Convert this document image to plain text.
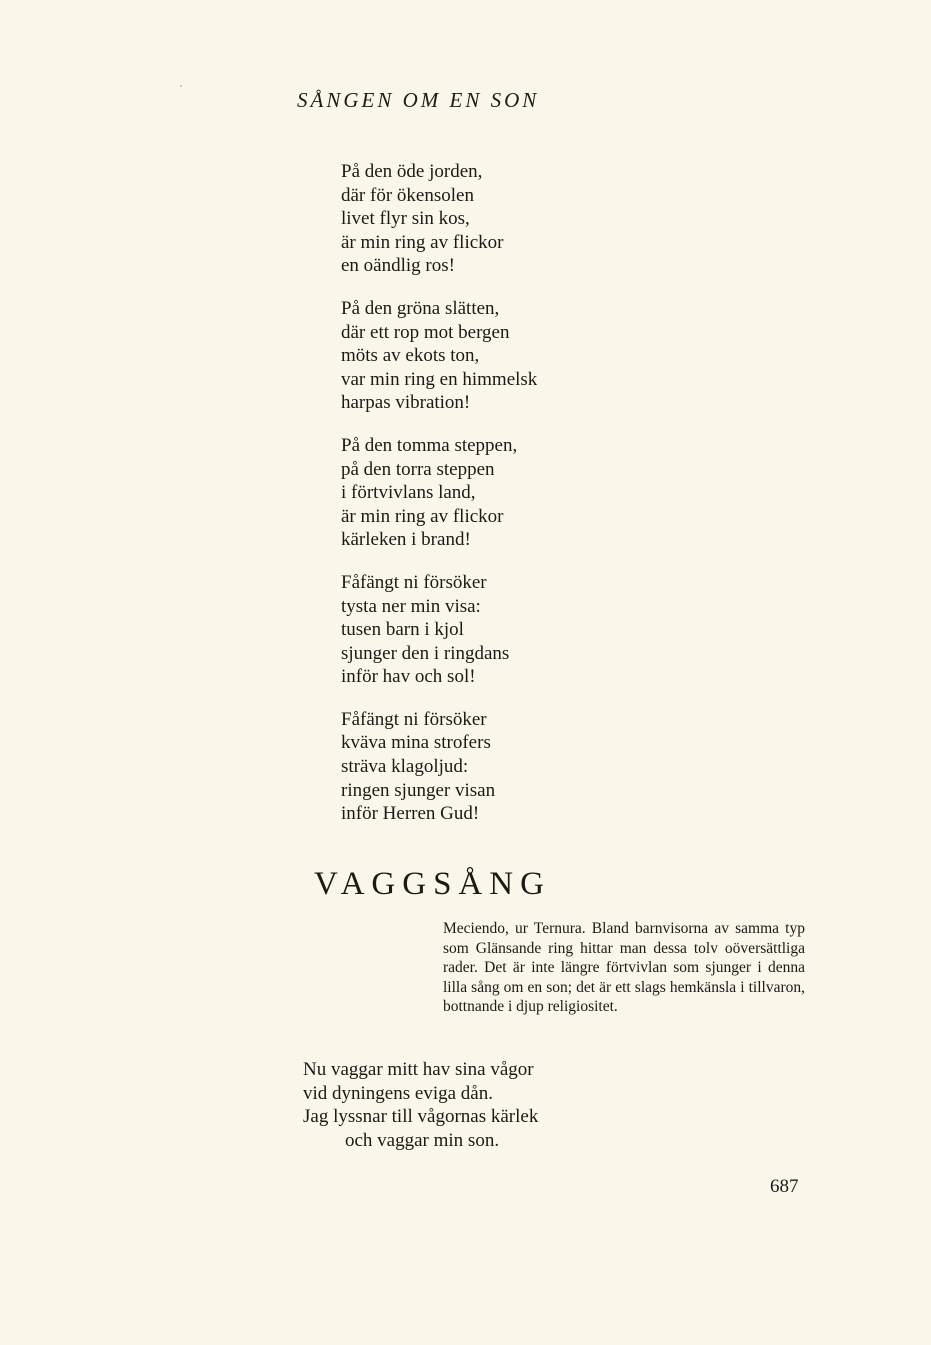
SÅNGEN OM EN SON
På den öde jorden,
där för ökensolen
livet flyr sin kos,
är min ring av flickor
en oändlig ros!
På den gröna slätten,
där ett rop mot bergen
möts av ekots ton,
var min ring en himmelsk
harpas vibration!
På den tomma steppen,
på den torra steppen
i förtvivlans land,
är min ring av flickor
kärleken i brand!
Fåfängt ni försöker
tysta ner min visa:
tusen barn i kjol
sjunger den i ringdans
inför hav och sol!
Fåfängt ni försöker
kväva mina strofers
sträva klagoljud:
ringen sjunger visan
inför Herren Gud!
VAGGSÅNG

Meciendo, ur Ternura. Bland barnvisorna av samma typ som Glänsande ring hittar man dessa tolv oöversättliga rader. Det är inte längre förtvivlan som sjunger i denna lilla sång om en son; det är ett slags hemkänsla i tillvaron, bottnande i djup religiositet.

Nu vaggar mitt hav sina vågor
vid dyningens eviga dån.
Jag lyssnar till vågornas kärlek
och vaggar min son.
687
